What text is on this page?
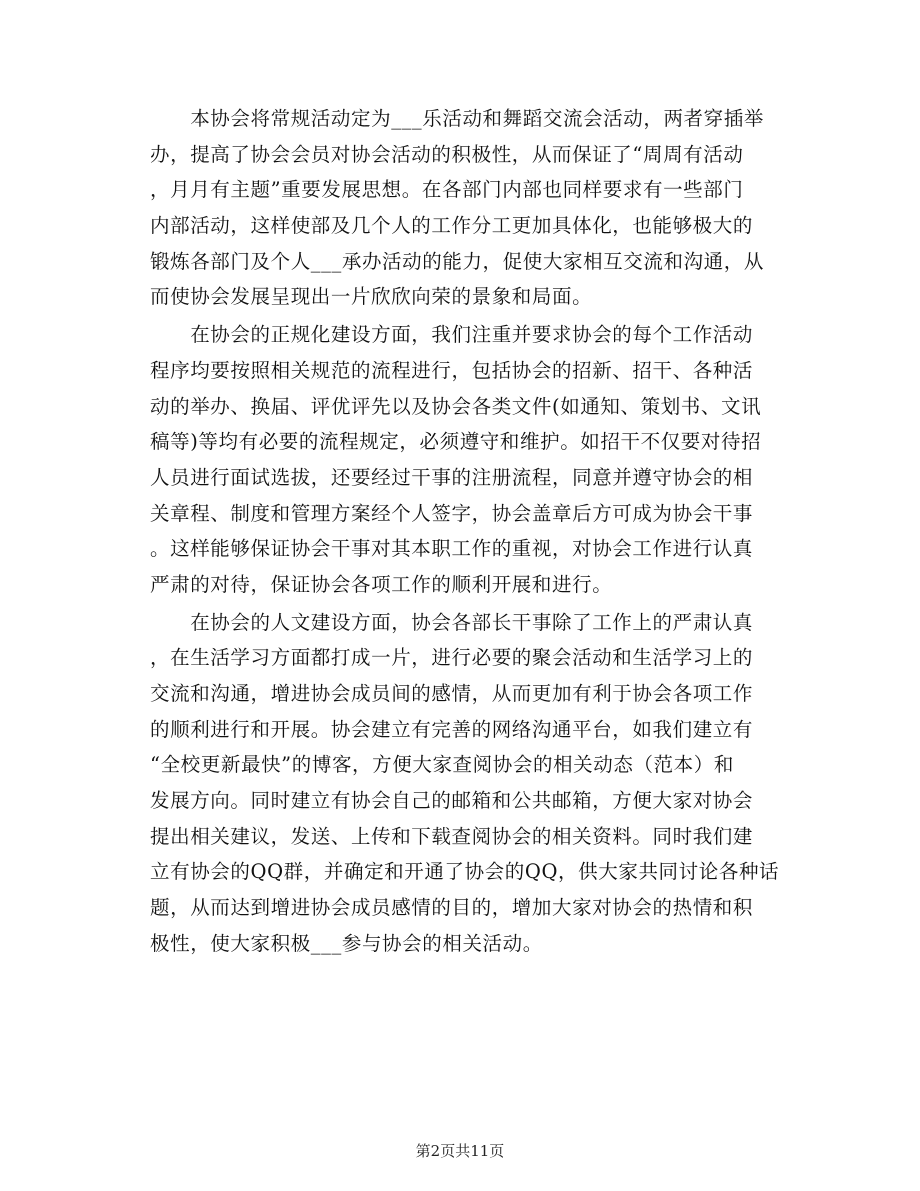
　　本协会将常规活动定为___乐活动和舞蹈交流会活动，两者穿插举
办，提高了协会会员对协会活动的积极性，从而保证了“周周有活动
，月月有主题”重要发展思想。在各部门内部也同样要求有一些部门
内部活动，这样使部及几个人的工作分工更加具体化，也能够极大的
锻炼各部门及个人___承办活动的能力，促使大家相互交流和沟通，从
而使协会发展呈现出一片欣欣向荣的景象和局面。
　　在协会的正规化建设方面，我们注重并要求协会的每个工作活动
程序均要按照相关规范的流程进行，包括协会的招新、招干、各种活
动的举办、换届、评优评先以及协会各类文件(如通知、策划书、文讯
稿等)等均有必要的流程规定，必须遵守和维护。如招干不仅要对待招
人员进行面试选拔，还要经过干事的注册流程，同意并遵守协会的相
关章程、制度和管理方案经个人签字，协会盖章后方可成为协会干事
。这样能够保证协会干事对其本职工作的重视，对协会工作进行认真
严肃的对待，保证协会各项工作的顺利开展和进行。
　　在协会的人文建设方面，协会各部长干事除了工作上的严肃认真
，在生活学习方面都打成一片，进行必要的聚会活动和生活学习上的
交流和沟通，增进协会成员间的感情，从而更加有利于协会各项工作
的顺利进行和开展。协会建立有完善的网络沟通平台，如我们建立有
“全校更新最快”的博客，方便大家查阅协会的相关动态（范本）和
发展方向。同时建立有协会自己的邮箱和公共邮箱，方便大家对协会
提出相关建议，发送、上传和下载查阅协会的相关资料。同时我们建
立有协会的QQ群，并确定和开通了协会的QQ，供大家共同讨论各种话
题，从而达到增进协会成员感情的目的，增加大家对协会的热情和积
极性，使大家积极___参与协会的相关活动。
第2页共11页
